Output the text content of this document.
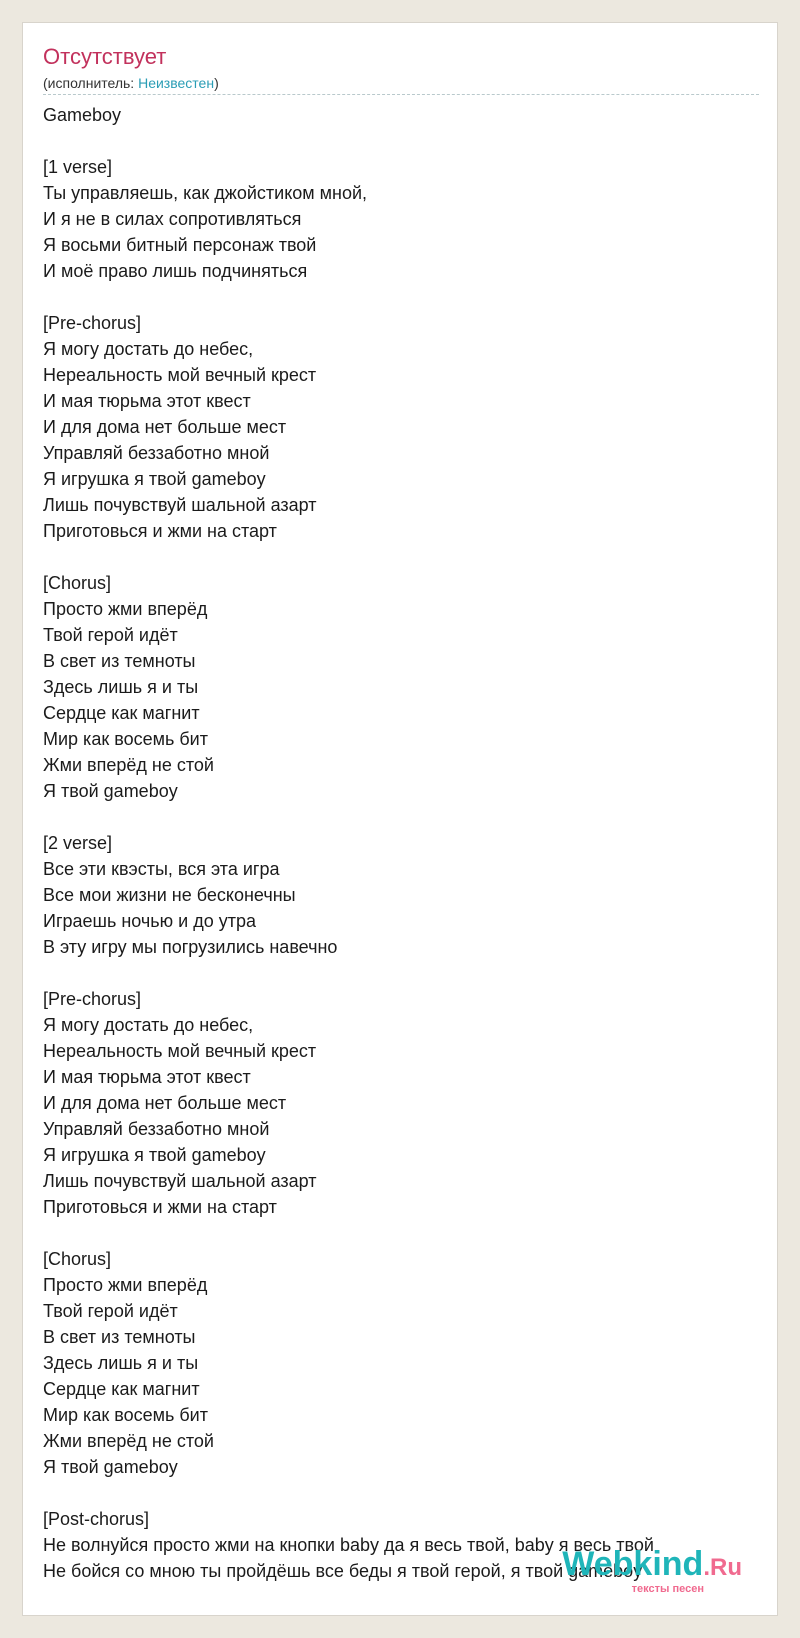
Отсутствует
(исполнитель: Неизвестен)
Gameboy
[1 verse]
Ты управляешь, как джойстиком мной,
И я не в силах сопротивляться
Я восьми битный персонаж твой
И моё право лишь подчиняться
[Pre-chorus]
Я могу достать до небес,
Нереальность мой вечный крест
И мая тюрьма этот квест
И для дома нет больше мест
Управляй беззаботно мной
Я игрушка я твой gameboy
Лишь почувствуй шальной азарт
Приготовься и жми на старт
[Chorus]
Просто жми вперёд
Твой герой идёт
В свет из темноты
Здесь лишь я и ты
Сердце как магнит
Мир как восемь бит
Жми вперёд не стой
Я твой gameboy
[2 verse]
Все эти квэсты, вся эта игра
Все мои жизни не бесконечны
Играешь ночью и до утра
В эту игру мы погрузились навечно
[Pre-chorus]
Я могу достать до небес,
Нереальность мой вечный крест
И мая тюрьма этот квест
И для дома нет больше мест
Управляй беззаботно мной
Я игрушка я твой gameboy
Лишь почувствуй шальной азарт
Приготовься и жми на старт
[Chorus]
Просто жми вперёд
Твой герой идёт
В свет из темноты
Здесь лишь я и ты
Сердце как магнит
Мир как восемь бит
Жми вперёд не стой
Я твой gameboy
[Post-chorus]
Не волнуйся просто жми на кнопки baby да я весь твой, baby я весь твой
Не бойся со мною ты пройдёшь все беды я твой герой, я твой gameboy
Webkind.Ru
тексты песен
